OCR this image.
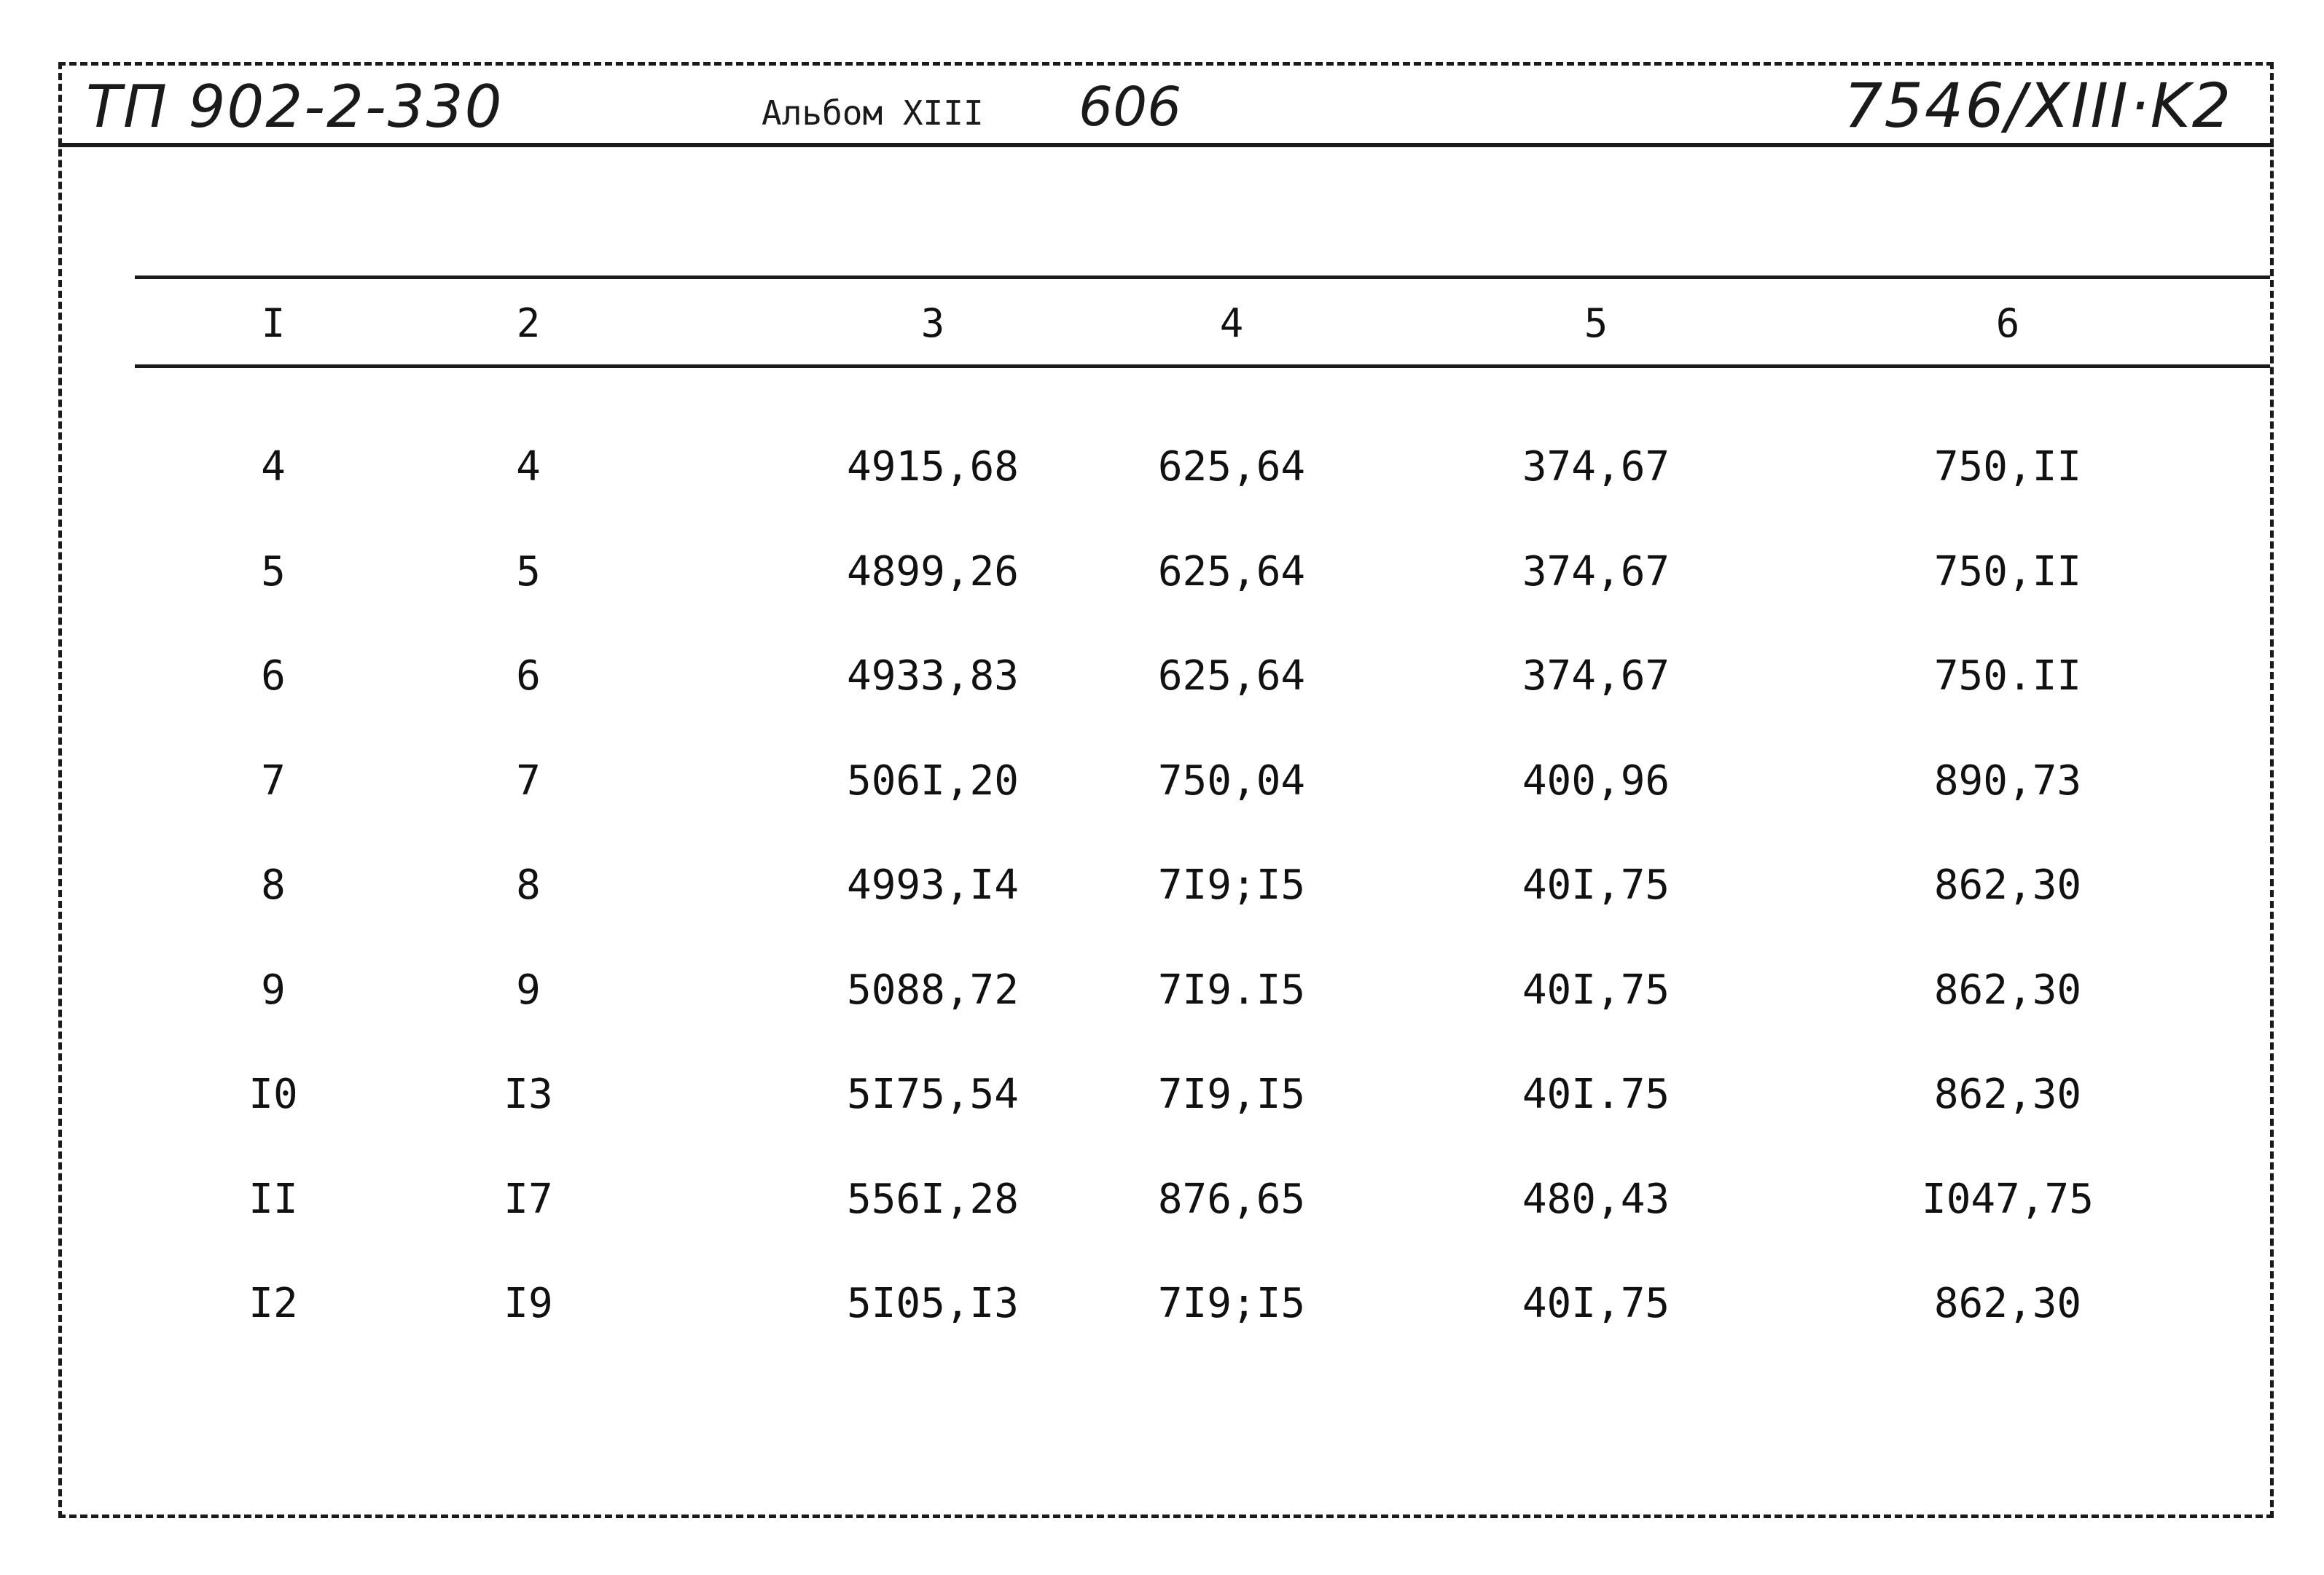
ТП 902-2-330	Альбом XIII 606	7546/XIII·K2
I	2	3	4	5	6
4	4	4915,68	625,64	374,67	750,II
5	5	4899,26	625,64	374,67	750,II
6	6	4933,83	625,64	374,67	750.II
7	7	506I,20	750,04	400,96	890,73
8	8	4993,I4	7I9;I5	40I,75	862,30
9	9	5088,72	7I9.I5	40I,75	862,30
I0	I3	5I75,54	7I9,I5	40I.75	862,30
II	I7	556I,28	876,65	480,43	I047,75
I2	I9	5I05,I3	7I9;I5	40I,75	862,30
